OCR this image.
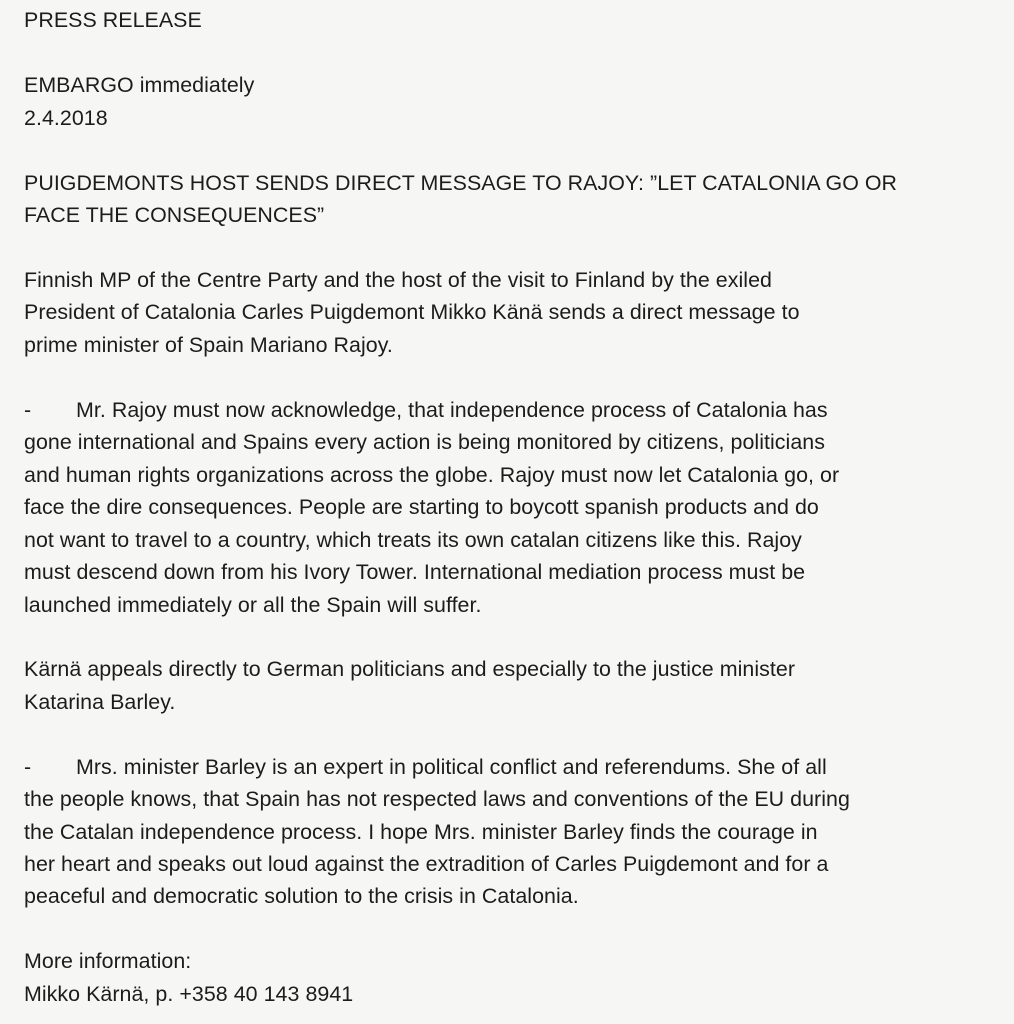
PRESS RELEASE

EMBARGO immediately

2.4.2018

PUIGDEMONTS HOST SENDS DIRECT MESSAGE TO RAJOY: ”LET CATALONIA GO OR

FACE THE CONSEQUENCES”

Finnish MP of the Centre Party and the host of the visit to Finland by the exiled

President of Catalonia Carles Puigdemont Mikko Känä sends a direct message to

prime minister of Spain Mariano Rajoy.

- Mr. Rajoy must now acknowledge, that independence process of Catalonia has

gone international and Spains every action is being monitored by citizens, politicians

and human rights organizations across the globe. Rajoy must now let Catalonia go, or

face the dire consequences. People are starting to boycott spanish products and do

not want to travel to a country, which treats its own catalan citizens like this. Rajoy

must descend down from his Ivory Tower. International mediation process must be

launched immediately or all the Spain will suffer.

Kärnä appeals directly to German politicians and especially to the justice minister

Katarina Barley.

- Mrs. minister Barley is an expert in political conflict and referendums. She of all

the people knows, that Spain has not respected laws and conventions of the EU during

the Catalan independence process. I hope Mrs. minister Barley finds the courage in

her heart and speaks out loud against the extradition of Carles Puigdemont and for a

peaceful and democratic solution to the crisis in Catalonia.

More information:

Mikko Kärnä, p. +358 40 143 8941
